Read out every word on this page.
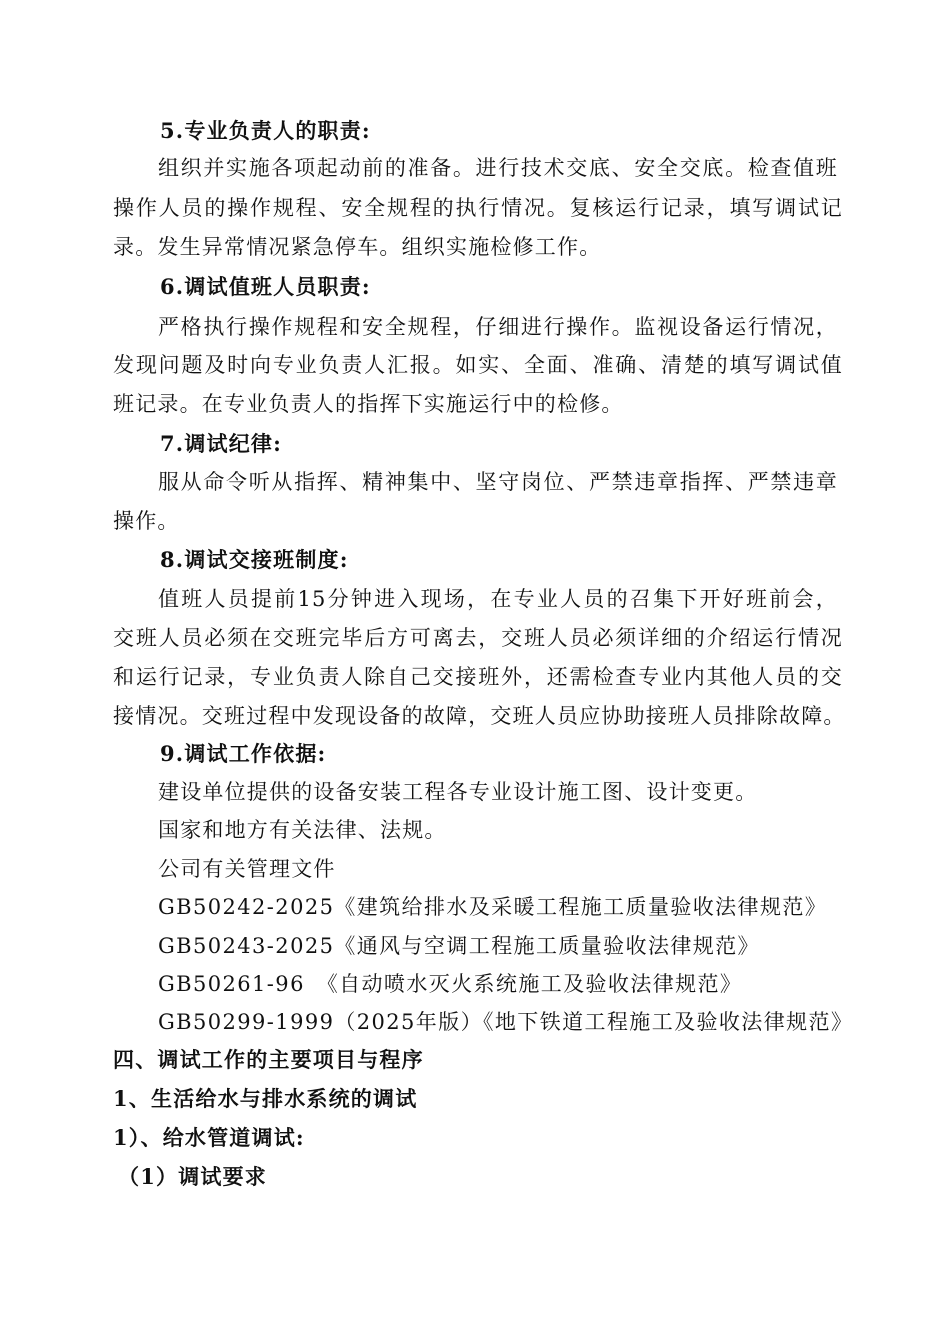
5.专业负责人的职责:
组织并实施各项起动前的准备。进行技术交底、安全交底。检查值班
操作人员的操作规程、安全规程的执行情况。复核运行记录，填写调试记
录。发生异常情况紧急停车。组织实施检修工作。
6.调试值班人员职责:
严格执行操作规程和安全规程，仔细进行操作。监视设备运行情况，
发现问题及时向专业负责人汇报。如实、全面、准确、清楚的填写调试值
班记录。在专业负责人的指挥下实施运行中的检修。
7.调试纪律:
服从命令听从指挥、精神集中、坚守岗位、严禁违章指挥、严禁违章
操作。
8.调试交接班制度:
值班人员提前15分钟进入现场，在专业人员的召集下开好班前会，
交班人员必须在交班完毕后方可离去，交班人员必须详细的介绍运行情况
和运行记录，专业负责人除自己交接班外，还需检查专业内其他人员的交
接情况。交班过程中发现设备的故障，交班人员应协助接班人员排除故障。
9.调试工作依据:
建设单位提供的设备安装工程各专业设计施工图、设计变更。
国家和地方有关法律、法规。
公司有关管理文件
GB50242-2025《建筑给排水及采暖工程施工质量验收法律规范》
GB50243-2025《通风与空调工程施工质量验收法律规范》
GB50261-96　《自动喷水灭火系统施工及验收法律规范》
GB50299-1999（2025年版）《地下铁道工程施工及验收法律规范》
四、调试工作的主要项目与程序
1、生活给水与排水系统的调试
1）、给水管道调试:
（1）调试要求
